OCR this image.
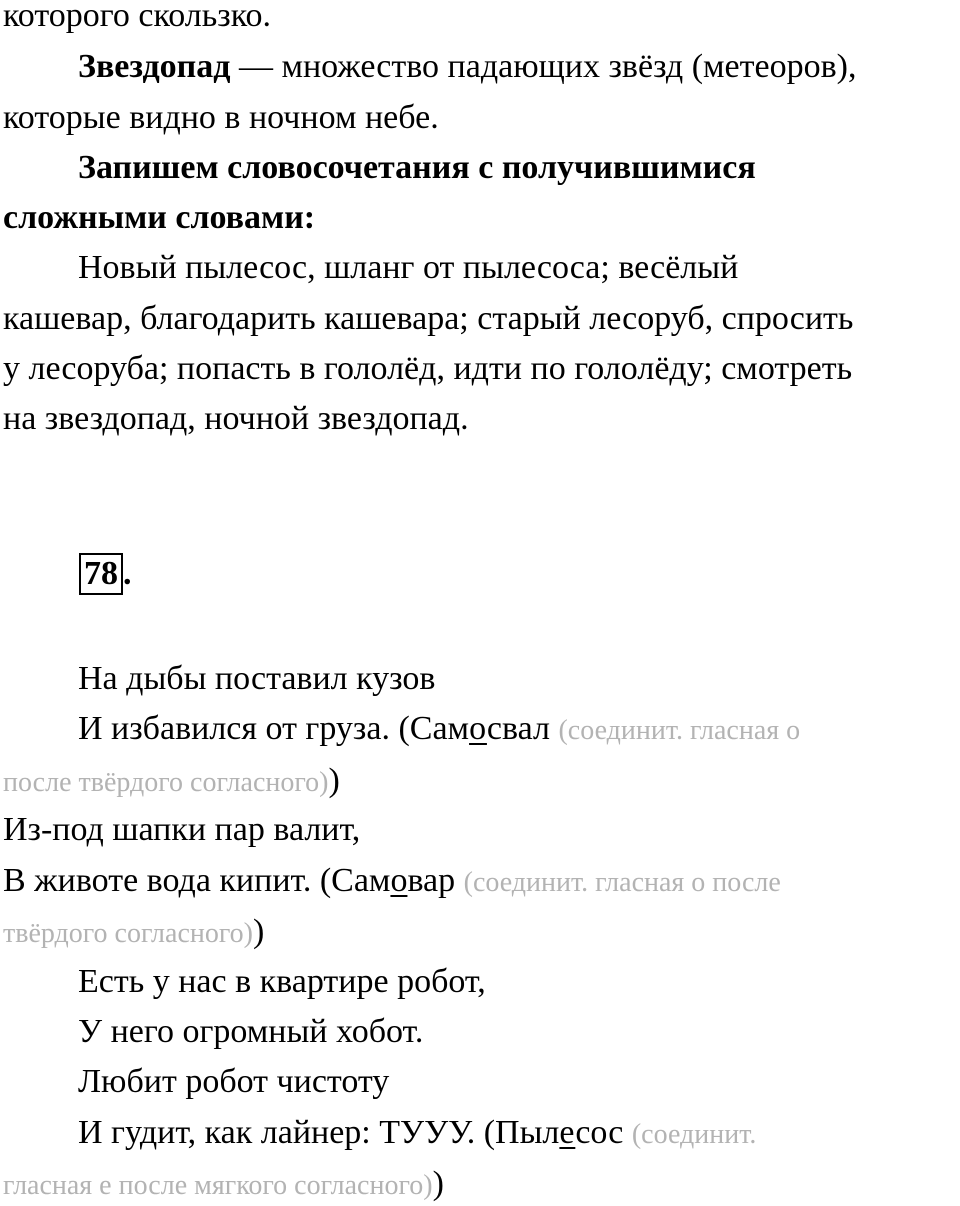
которого скользко.
Звездопад — множество падающих звёзд (метеоров),
которые видно в ночном небе.
Запишем словосочетания с получившимися
сложными словами:
Новый пылесос, шланг от пылесоса; весёлый
кашевар, благодарить кашевара; старый лесоруб, спросить
у лесоруба; попасть в гололёд, идти по гололёду; смотреть
на звездопад, ночной звездопад.
78 .
На дыбы поставил кузов
И избавился от груза. (Самосвал (соединит. гласная о
после твёрдого согласного))
Из-под шапки пар валит,
В животе вода кипит. (Самовар (соединит. гласная о после
твёрдого согласного))
Есть у нас в квартире робот,
У него огромный хобот.
Любит робот чистоту
И гудит, как лайнер: ТУУУ. (Пылесос (соединит.
гласная е после мягкого согласного))
